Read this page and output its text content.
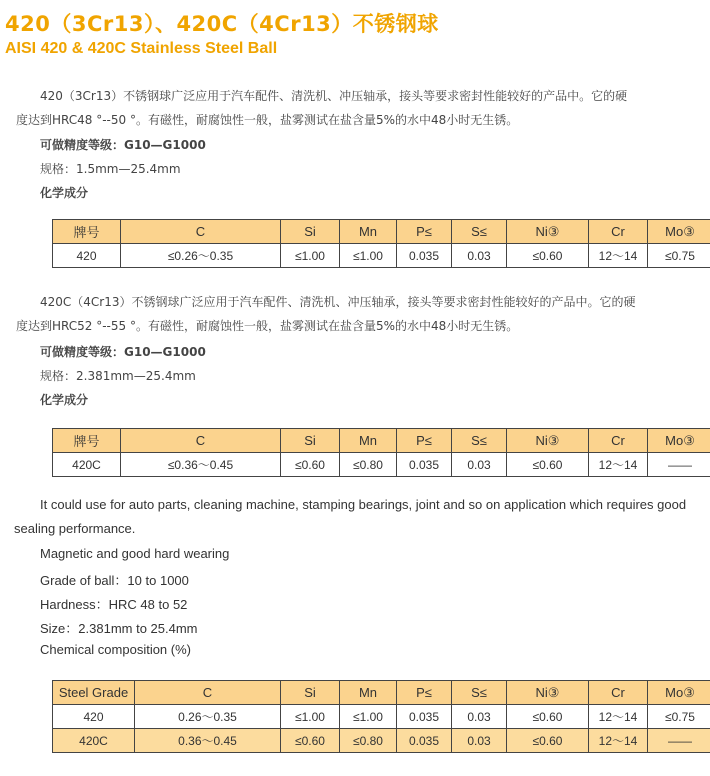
420（3Cr13）、420C（4Cr13）不锈钢球
AISI 420 & 420C Stainless Steel Ball
420（3Cr13）不锈钢球广泛应用于汽车配件、清洗机、冲压轴承，接头等要求密封性能较好的产品中。它的硬
度达到HRC48 °--50 °。有磁性，耐腐蚀性一般，盐雾测试在盐含量5%的水中48小时无生锈。
可做精度等级：G10—G1000
规格：1.5mm—25.4mm
化学成分
牌号	C	Si	Mn	P≤	S≤	Ni③	Cr	Mo③
420	≤0.26～0.35	≤1.00	≤1.00	0.035	0.03	≤0.60	12～14	≤0.75
420C（4Cr13）不锈钢球广泛应用于汽车配件、清洗机、冲压轴承，接头等要求密封性能较好的产品中。它的硬
度达到HRC52 °--55 °。有磁性，耐腐蚀性一般，盐雾测试在盐含量5%的水中48小时无生锈。
可做精度等级：G10—G1000
规格：2.381mm—25.4mm
化学成分
牌号	C	Si	Mn	P≤	S≤	Ni③	Cr	Mo③
420C	≤0.36～0.45	≤0.60	≤0.80	0.035	0.03	≤0.60	12～14	——
It could use for auto parts, cleaning machine, stamping bearings, joint and so on application which requires good
sealing performance.
Magnetic and good hard wearing
Grade of ball：10 to 1000
Hardness：HRC 48 to 52
Size：2.381mm to 25.4mm
Chemical composition (%)
Steel Grade	C	Si	Mn	P≤	S≤	Ni③	Cr	Mo③
420	0.26～0.35	≤1.00	≤1.00	0.035	0.03	≤0.60	12～14	≤0.75
420C	0.36～0.45	≤0.60	≤0.80	0.035	0.03	≤0.60	12～14	——
